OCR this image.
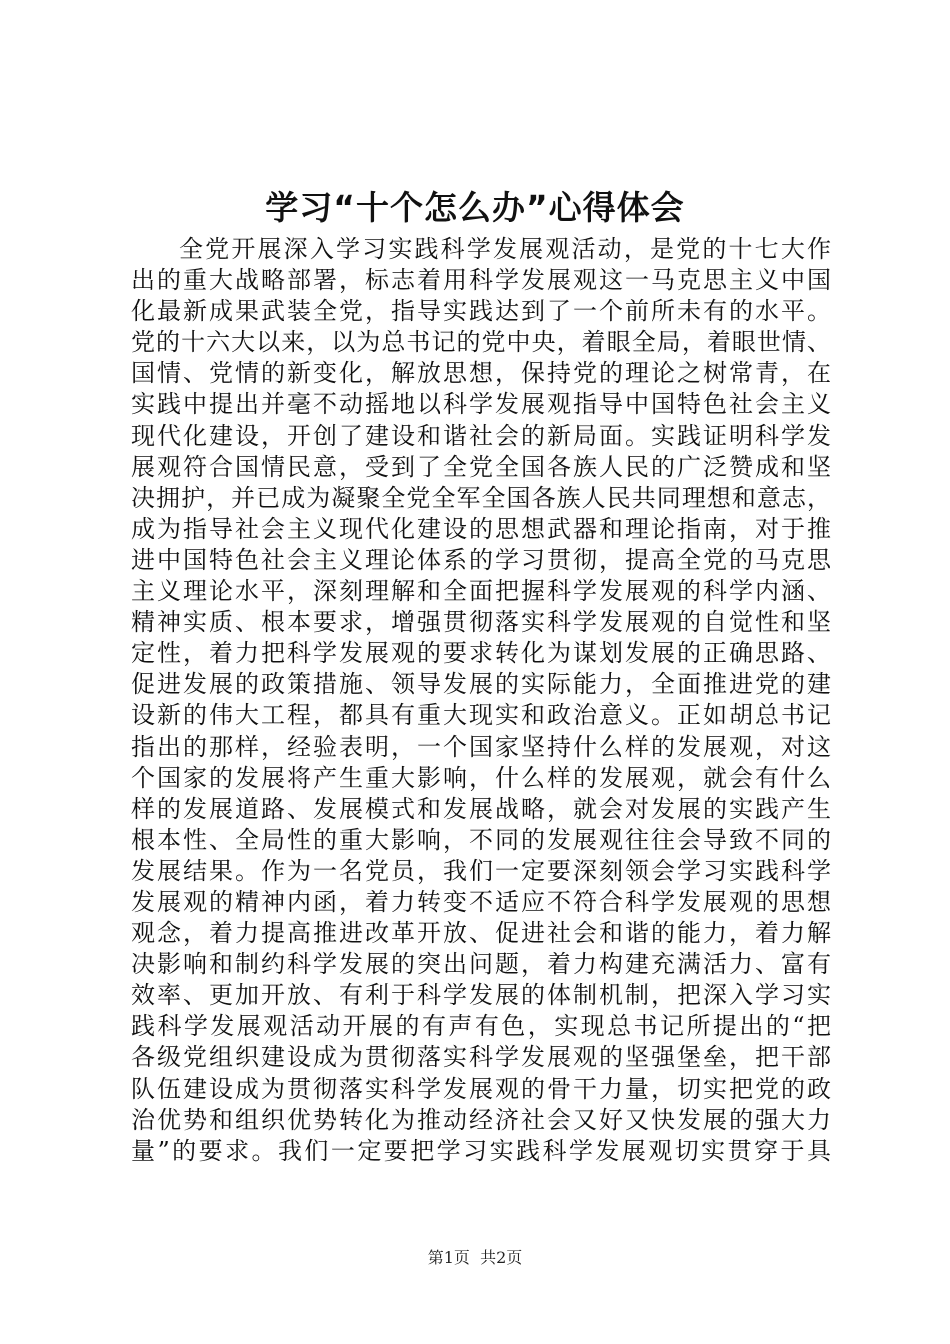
学习“十个怎么办”心得体会
全党开展深入学习实践科学发展观活动，是党的十七大作
出的重大战略部署，标志着用科学发展观这一马克思主义中国
化最新成果武装全党，指导实践达到了一个前所未有的水平。
党的十六大以来，以为总书记的党中央，着眼全局，着眼世情、
国情、党情的新变化，解放思想，保持党的理论之树常青，在
实践中提出并毫不动摇地以科学发展观指导中国特色社会主义
现代化建设，开创了建设和谐社会的新局面。实践证明科学发
展观符合国情民意，受到了全党全国各族人民的广泛赞成和坚
决拥护，并已成为凝聚全党全军全国各族人民共同理想和意志，
成为指导社会主义现代化建设的思想武器和理论指南，对于推
进中国特色社会主义理论体系的学习贯彻，提高全党的马克思
主义理论水平，深刻理解和全面把握科学发展观的科学内涵、
精神实质、根本要求，增强贯彻落实科学发展观的自觉性和坚
定性，着力把科学发展观的要求转化为谋划发展的正确思路、
促进发展的政策措施、领导发展的实际能力，全面推进党的建
设新的伟大工程，都具有重大现实和政治意义。正如胡总书记
指出的那样，经验表明，一个国家坚持什么样的发展观，对这
个国家的发展将产生重大影响，什么样的发展观，就会有什么
样的发展道路、发展模式和发展战略，就会对发展的实践产生
根本性、全局性的重大影响，不同的发展观往往会导致不同的
发展结果。作为一名党员，我们一定要深刻领会学习实践科学
发展观的精神内函，着力转变不适应不符合科学发展观的思想
观念，着力提高推进改革开放、促进社会和谐的能力，着力解
决影响和制约科学发展的突出问题，着力构建充满活力、富有
效率、更加开放、有利于科学发展的体制机制，把深入学习实
践科学发展观活动开展的有声有色，实现总书记所提出的“把
各级党组织建设成为贯彻落实科学发展观的坚强堡垒，把干部
队伍建设成为贯彻落实科学发展观的骨干力量，切实把党的政
治优势和组织优势转化为推动经济社会又好又快发展的强大力
量”的要求。我们一定要把学习实践科学发展观切实贯穿于具
第1页 共2页
